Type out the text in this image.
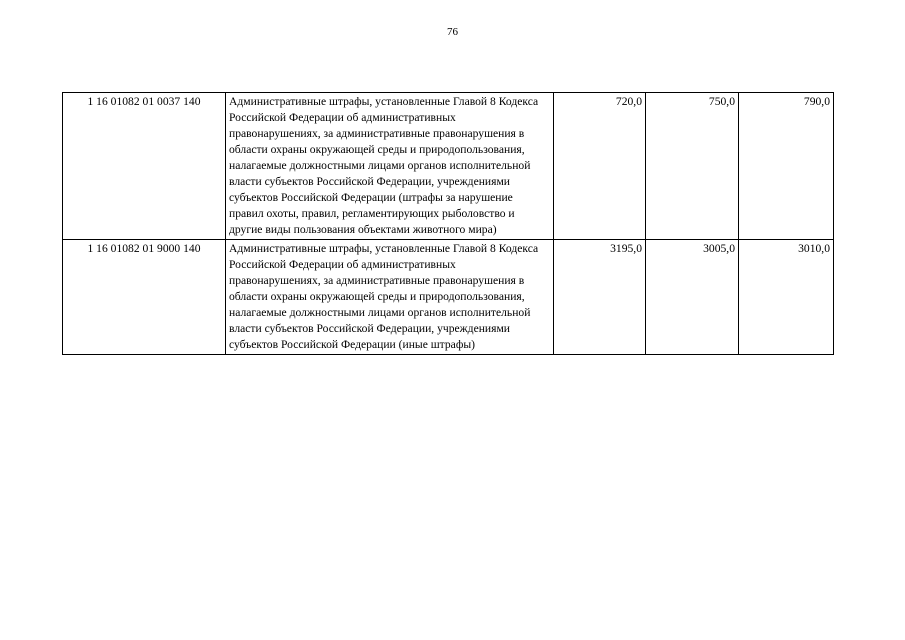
76
1 16 01082 01 0037 140	Административные штрафы, установленные Главой 8 Кодекса Российской Федерации об административных правонарушениях, за административные правонарушения в области охраны окружающей среды и природопользования, налагаемые должностными лицами органов исполнительной власти субъектов Российской Федерации, учреждениями субъектов Российской Федерации (штрафы за нарушение правил охоты, правил, регламентирующих рыболовство и другие виды пользования объектами животного мира)	720,0	750,0	790,0
1 16 01082 01 9000 140	Административные штрафы, установленные Главой 8 Кодекса Российской Федерации об административных правонарушениях, за административные правонарушения в области охраны окружающей среды и природопользования, налагаемые должностными лицами органов исполнительной власти субъектов Российской Федерации, учреждениями субъектов Российской Федерации (иные штрафы)	3195,0	3005,0	3010,0
